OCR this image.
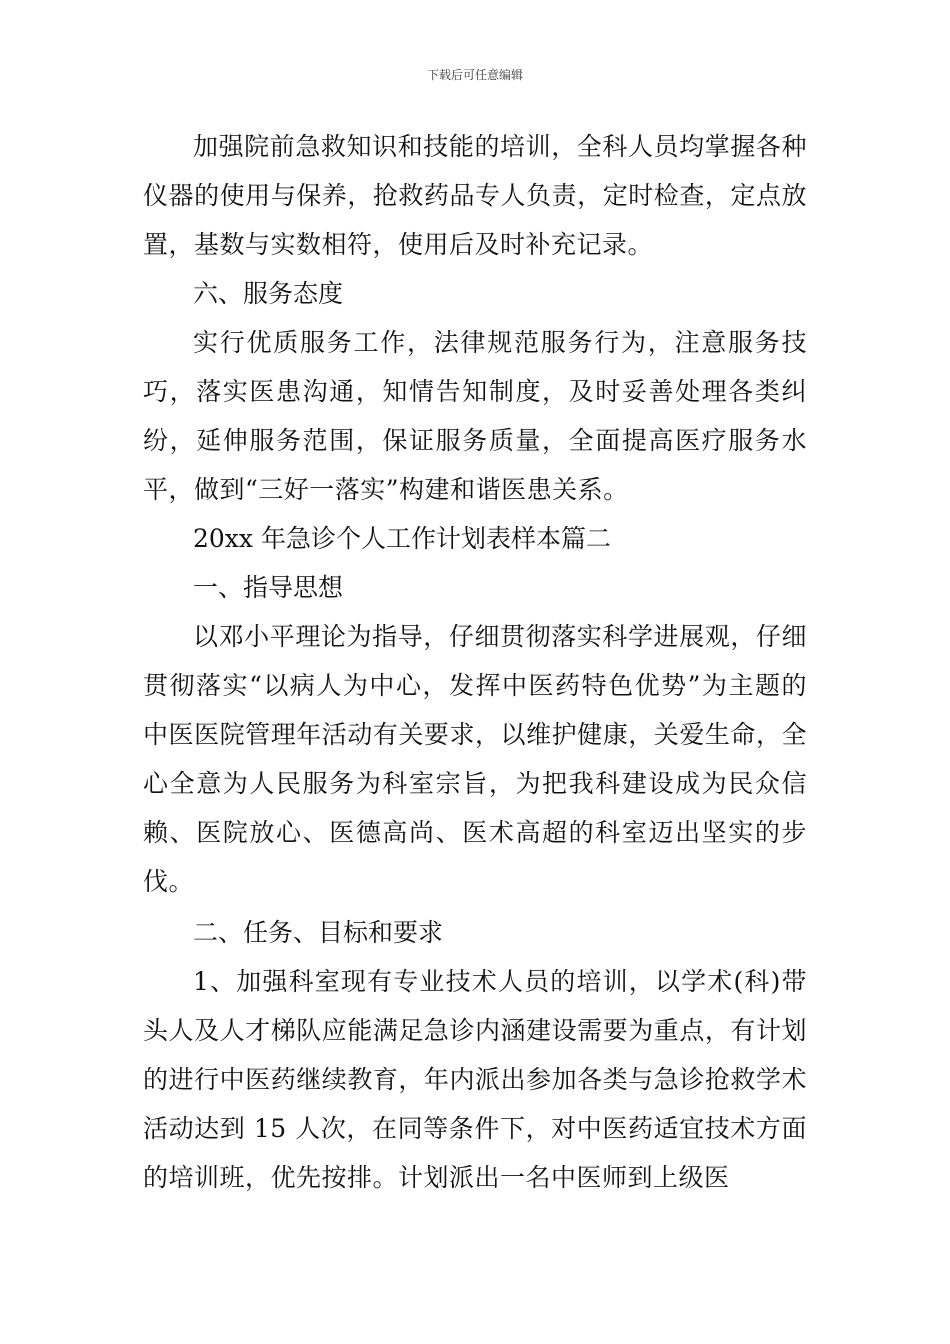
下载后可任意编辑

加强院前急救知识和技能的培训，全科人员均掌握各种仪器的使用与保养，抢救药品专人负责，定时检查，定点放置，基数与实数相符，使用后及时补充记录。

六、服务态度

实行优质服务工作，法律规范服务行为，注意服务技巧，落实医患沟通，知情告知制度，及时妥善处理各类纠纷，延伸服务范围，保证服务质量，全面提高医疗服务水平，做到“三好一落实”构建和谐医患关系。

20xx 年急诊个人工作计划表样本篇二

一、指导思想

以邓小平理论为指导，仔细贯彻落实科学进展观，仔细贯彻落实“以病人为中心，发挥中医药特色优势”为主题的中医医院管理年活动有关要求，以维护健康，关爱生命，全心全意为人民服务为科室宗旨，为把我科建设成为民众信赖、医院放心、医德高尚、医术高超的科室迈出坚实的步伐。

二、任务、目标和要求

1、加强科室现有专业技术人员的培训，以学术(科)带头人及人才梯队应能满足急诊内涵建设需要为重点，有计划的进行中医药继续教育，年内派出参加各类与急诊抢救学术活动达到 15 人次，在同等条件下，对中医药适宜技术方面的培训班，优先按排。计划派出一名中医师到上级医
